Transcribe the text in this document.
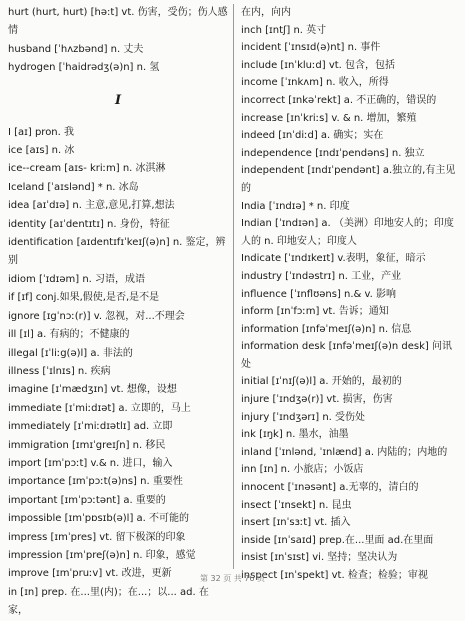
hurt (hurt, hurt) [hə:t] vt. 伤害，受伤；伤人感情
husband [ˈhʌzbənd] n. 丈夫
hydrogen [ˈhaidrədʒ(ə)n] n. 氢
I
I [aɪ] pron. 我
ice [aɪs] n. 冰
ice--cream [aɪs- kriːm] n. 冰淇淋
Iceland [ˈaɪslənd] * n. 冰岛
idea [aɪˈdɪə] n. 主意,意见,打算,想法
identity [aɪˈdentɪtɪ] n. 身份，特征
identification [aɪdentɪfɪˈkeɪʃ(ə)n] n. 鉴定，辨别
idiom [ˈɪdɪəm] n. 习语，成语
if [ɪf] conj.如果,假使,是否,是不是
ignore [ɪgˈnɔː(r)] v. 忽视，对...不理会
ill [ɪl] a. 有病的；不健康的
illegal [ɪˈliːg(ə)l] a. 非法的
illness [ˈɪlnɪs] n. 疾病
imagine [ɪˈmædʒɪn] vt. 想像，设想
immediate [ɪˈmiːdɪət] a. 立即的，马上
immediately [ɪˈmiːdɪətlɪ] ad. 立即
immigration [ɪmɪˈgreɪʃn] n. 移民
import [ɪmˈpɔːt] v.& n. 进口，输入
importance [ɪmˈpɔːt(ə)ns] n. 重要性
important [ɪmˈpɔːtənt] a. 重要的
impossible [ɪmˈpɒsɪb(ə)l] a. 不可能的
impress [ɪmˈpres] vt. 留下极深的印象
impression [ɪmˈpreʃ(ə)n] n. 印象，感觉
improve [ɪmˈpruːv] vt. 改进，更新
in [ɪn] prep. 在...里(内)；在...；以... ad. 在家，
在内，向内
inch [ɪntʃ] n. 英寸
incident [ˈɪnsɪd(ə)nt] n. 事件
include [ɪnˈkluːd] vt. 包含，包括
income [ˈɪnkʌm] n. 收入，所得
incorrect [ɪnkəˈrekt] a. 不正确的，错误的
increase [ɪnˈkriːs] v. & n. 增加，繁殖
indeed [ɪnˈdiːd] a. 确实；实在
independence [ɪndɪˈpendəns] n. 独立
independent [ɪndɪˈpendənt] a.独立的,有主见的
India [ˈɪndɪə] * n. 印度
Indian [ˈɪndɪən] a. （美洲）印地安人的；印度人的 n. 印地安人；印度人
Indicate [ˈɪndɪkeɪt] v.表明，象征，暗示
industry [ˈɪndəstrɪ] n. 工业，产业
influence [ˈɪnflʊəns] n.& v. 影响
inform [ɪnˈfɔːm] vt. 告诉；通知
information [ɪnfəˈmeɪʃ(ə)n] n. 信息
information desk [ɪnfəˈmeɪʃ(ə)n desk] 问讯处
initial [ɪˈnɪʃ(ə)l] a. 开始的，最初的
injure [ˈɪndʒə(r)] vt. 损害，伤害
injury [ˈɪndʒərɪ] n. 受伤处
ink [ɪŋk] n. 墨水，油墨
inland [ˈɪnlənd, ˈɪnlænd] a. 内陆的；内地的
inn [ɪn] n. 小旅店；小饭店
innocent [ˈɪnəsənt] a.无辜的，清白的
insect [ˈɪnsekt] n. 昆虫
insert [ɪnˈsɜːt] vt. 插入
inside [ɪnˈsaɪd] prep.在...里面 ad.在里面
insist [ɪnˈsɪst] vi. 坚持；坚决认为
inspect [ɪnˈspekt] vt. 检查；检验；审视
第 32 页 共 76 页
